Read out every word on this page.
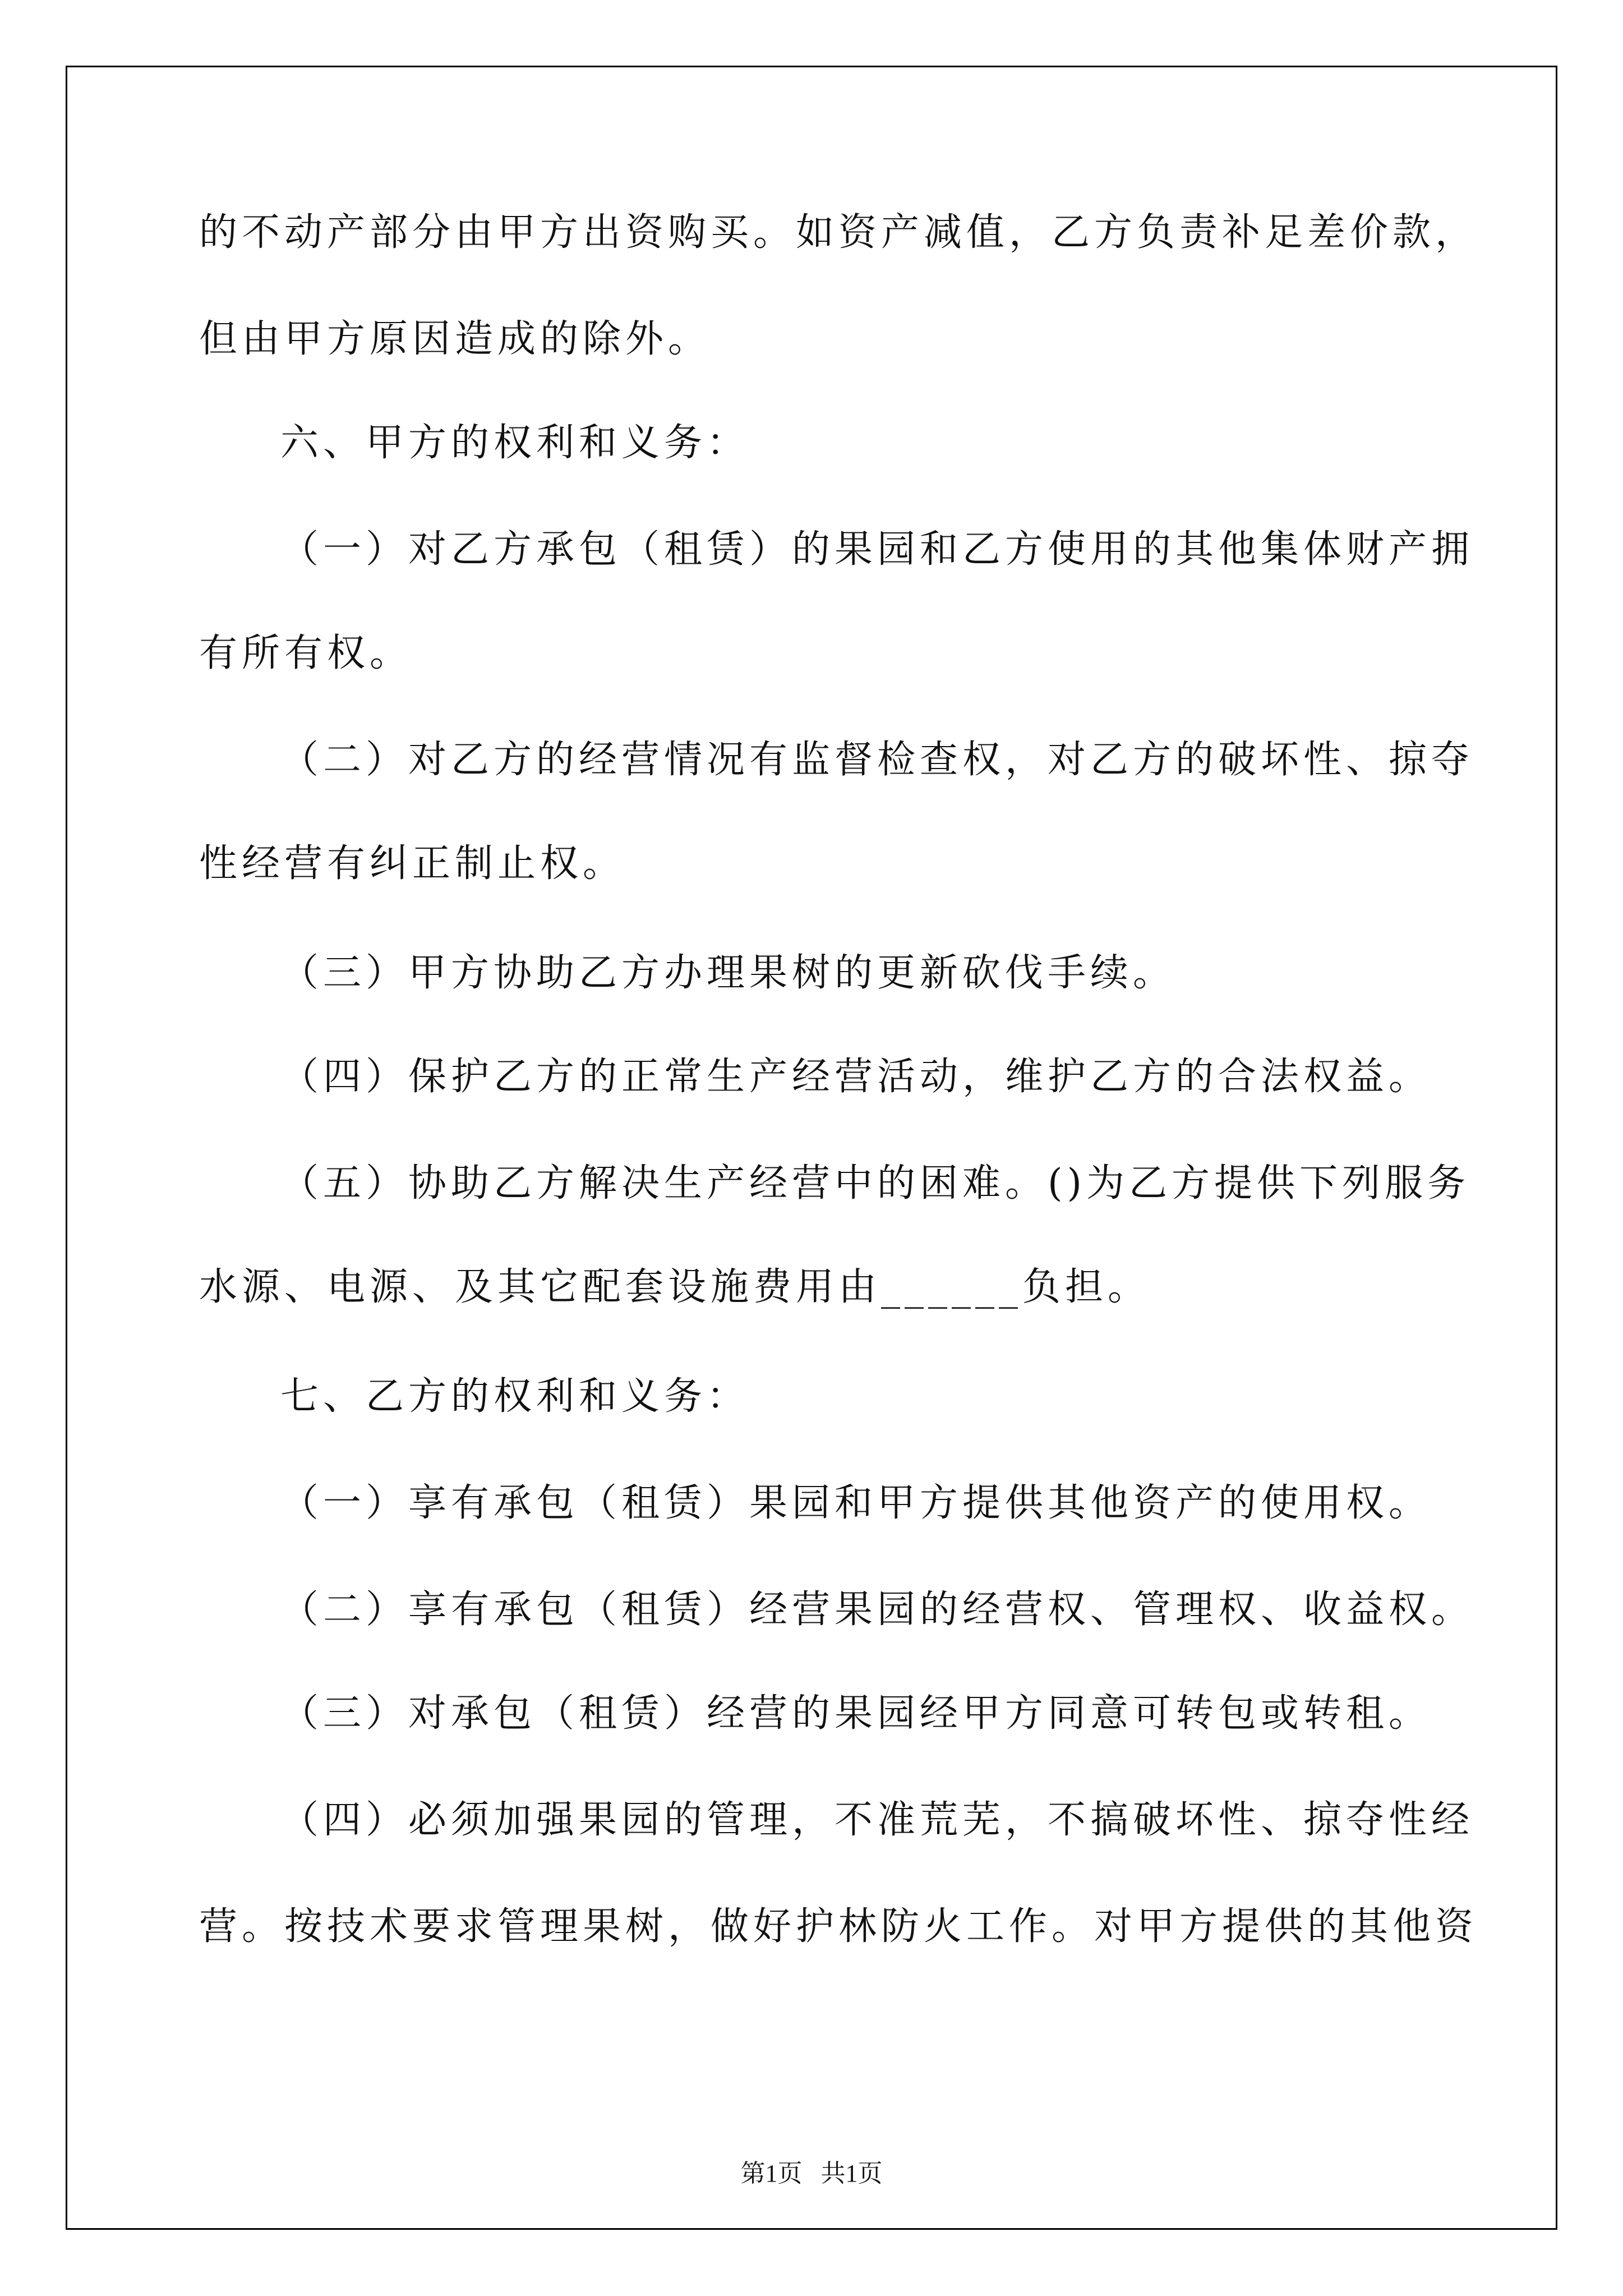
的不动产部分由甲方出资购买。如资产减值，乙方负责补足差价款，
但由甲方原因造成的除外。
六、甲方的权利和义务：
（一）对乙方承包（租赁）的果园和乙方使用的其他集体财产拥
有所有权。
（二）对乙方的经营情况有监督检查权，对乙方的破坏性、掠夺
性经营有纠正制止权。
（三）甲方协助乙方办理果树的更新砍伐手续。
（四）保护乙方的正常生产经营活动，维护乙方的合法权益。
（五）协助乙方解决生产经营中的困难。()为乙方提供下列服务
水源、电源、及其它配套设施费用由______负担。
七、乙方的权利和义务：
（一）享有承包（租赁）果园和甲方提供其他资产的使用权。
（二）享有承包（租赁）经营果园的经营权、管理权、收益权。
（三）对承包（租赁）经营的果园经甲方同意可转包或转租。
（四）必须加强果园的管理，不准荒芜，不搞破坏性、掠夺性经
营。按技术要求管理果树，做好护林防火工作。对甲方提供的其他资
第1页   共1页
